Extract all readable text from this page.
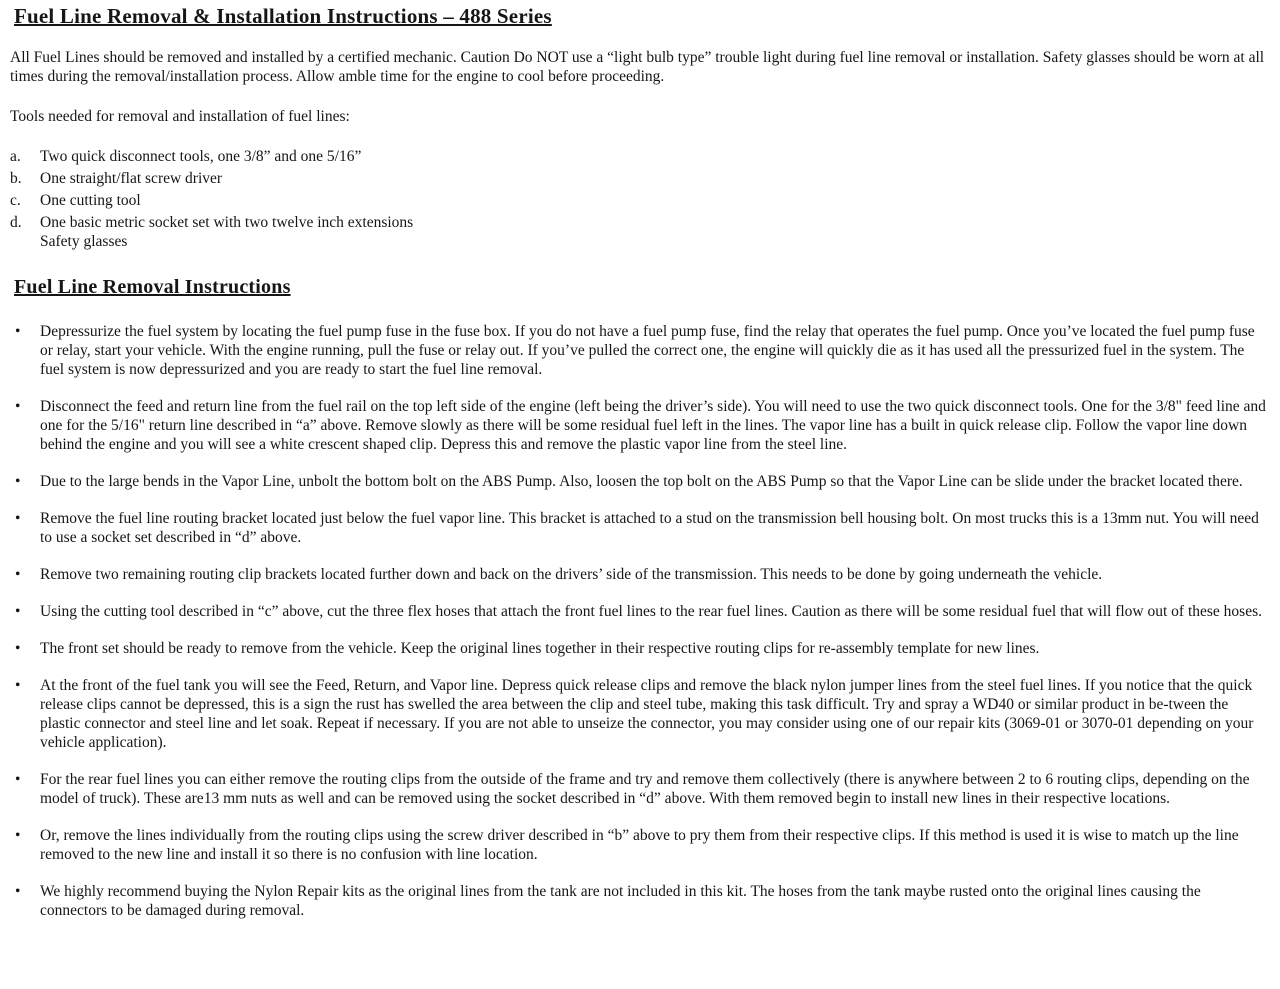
Fuel Line Removal & Installation Instructions – 488 Series

All Fuel Lines should be removed and installed by a certified mechanic. Caution Do NOT use a “light bulb type” trouble light during fuel line removal or installation. Safety glasses should be worn at all times during the removal/installation process. Allow amble time for the engine to cool before proceeding.

Tools needed for removal and installation of fuel lines:

a. Two quick disconnect tools, one 3/8” and one 5/16”
b. One straight/flat screw driver
c. One cutting tool
d. One basic metric socket set with two twelve inch extensions
Safety glasses
Fuel Line Removal Instructions
• Depressurize the fuel system by locating the fuel pump fuse in the fuse box. If you do not have a fuel pump fuse, find the relay that operates the fuel pump. Once you’ve located the fuel pump fuse or relay, start your vehicle. With the engine running, pull the fuse or relay out. If you’ve pulled the correct one, the engine will quickly die as it has used all the pressurized fuel in the system. The fuel system is now depressurized and you are ready to start the fuel line removal.
• Disconnect the feed and return line from the fuel rail on the top left side of the engine (left being the driver’s side). You will need to use the two quick disconnect tools. One for the 3/8" feed line and one for the 5/16" return line described in “a” above. Remove slowly as there will be some residual fuel left in the lines. The vapor line has a built in quick release clip. Follow the vapor line down behind the engine and you will see a white crescent shaped clip. Depress this and remove the plastic vapor line from the steel line.
• Due to the large bends in the Vapor Line, unbolt the bottom bolt on the ABS Pump. Also, loosen the top bolt on the ABS Pump so that the Vapor Line can be slide under the bracket located there.
• Remove the fuel line routing bracket located just below the fuel vapor line. This bracket is attached to a stud on the transmission bell housing bolt. On most trucks this is a 13mm nut. You will need to use a socket set described in “d” above.
• Remove two remaining routing clip brackets located further down and back on the drivers’ side of the transmission. This needs to be done by going underneath the vehicle.
• Using the cutting tool described in “c” above, cut the three flex hoses that attach the front fuel lines to the rear fuel lines. Caution as there will be some residual fuel that will flow out of these hoses.
• The front set should be ready to remove from the vehicle. Keep the original lines together in their respective routing clips for re-assembly template for new lines.
• At the front of the fuel tank you will see the Feed, Return, and Vapor line. Depress quick release clips and remove the black nylon jumper lines from the steel fuel lines. If you notice that the quick release clips cannot be depressed, this is a sign the rust has swelled the area between the clip and steel tube, making this task difficult. Try and spray a WD40 or similar product in be-tween the plastic connector and steel line and let soak. Repeat if necessary. If you are not able to unseize the connector, you may consider using one of our repair kits (3069-01 or 3070-01 depending on your vehicle application).
• For the rear fuel lines you can either remove the routing clips from the outside of the frame and try and remove them collectively (there is anywhere between 2 to 6 routing clips, depending on the model of truck). These are13 mm nuts as well and can be removed using the socket described in “d” above. With them removed begin to install new lines in their respective locations.
• Or, remove the lines individually from the routing clips using the screw driver described in “b” above to pry them from their respective clips. If this method is used it is wise to match up the line removed to the new line and install it so there is no confusion with line location.
• We highly recommend buying the Nylon Repair kits as the original lines from the tank are not included in this kit. The hoses from the tank maybe rusted onto the original lines causing the connectors to be damaged during removal.
